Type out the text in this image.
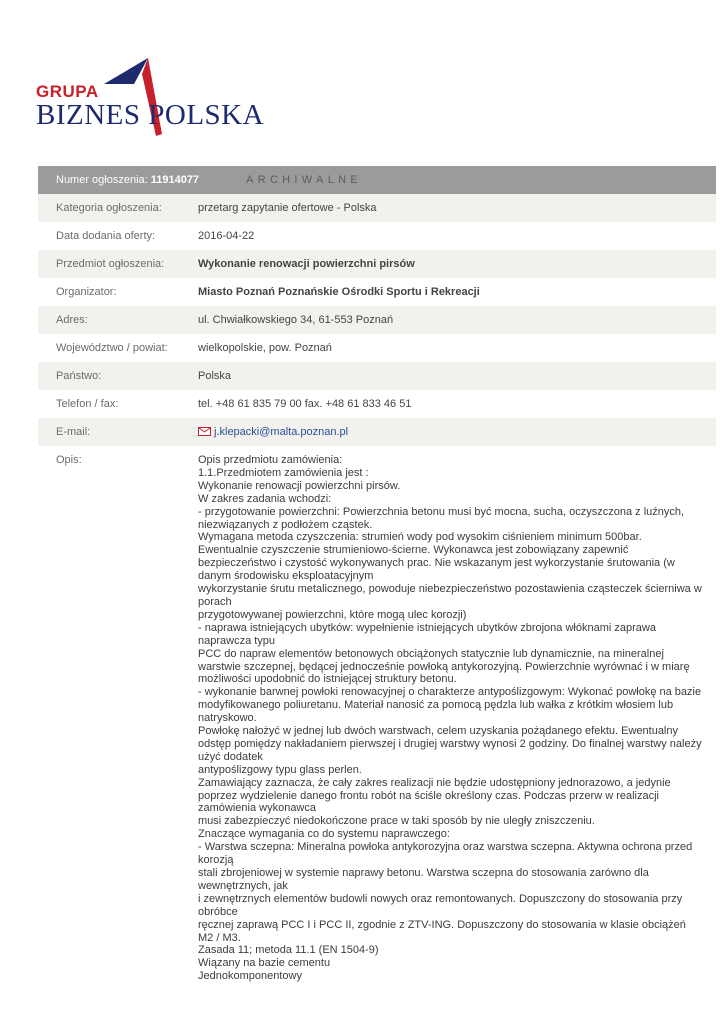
GRUPA
BIZNES POLSKA
Numer ogłoszenia: 11914077	ARCHIWALNE
Kategoria ogłoszenia:	przetarg zapytanie ofertowe - Polska
Data dodania oferty:	2016-04-22
Przedmiot ogłoszenia:	Wykonanie renowacji powierzchni pirsów
Organizator:	Miasto Poznań Poznańskie Ośrodki Sportu i Rekreacji
Adres:	ul. Chwiałkowskiego 34, 61-553 Poznań
Województwo / powiat:	wielkopolskie, pow. Poznań
Państwo:	Polska
Telefon / fax:	tel. +48 61 835 79 00 fax. +48 61 833 46 51
E-mail:	j.klepacki@malta.poznan.pl
Opis:	Opis przedmiotu zamówienia:
1.1.Przedmiotem zamówienia jest :
Wykonanie renowacji powierzchni pirsów.
W zakres zadania wchodzi:
- przygotowanie powierzchni: Powierzchnia betonu musi być mocna, sucha, oczyszczona z luźnych, niezwiązanych z podłożem cząstek.
Wymagana metoda czyszczenia: strumień wody pod wysokim ciśnieniem minimum 500bar. Ewentualnie czyszczenie strumieniowo-ścierne. Wykonawca jest zobowiązany zapewnić bezpieczeństwo i czystość wykonywanych prac. Nie wskazanym jest wykorzystanie śrutowania (w danym środowisku eksploatacyjnym
wykorzystanie śrutu metalicznego, powoduje niebezpieczeństwo pozostawienia cząsteczek ścierniwa w porach
przygotowywanej powierzchni, które mogą ulec korozji)
- naprawa istniejących ubytków: wypełnienie istniejących ubytków zbrojona włóknami zaprawa naprawcza typu
PCC do napraw elementów betonowych obciążonych statycznie lub dynamicznie, na mineralnej warstwie szczepnej, będącej jednocześnie powłoką antykorozyjną. Powierzchnie wyrównać i w miarę możliwości upodobnić do istniejącej struktury betonu.
- wykonanie barwnej powłoki renowacyjnej o charakterze antypoślizgowym: Wykonać powłokę na bazie modyfikowanego poliuretanu. Materiał nanosić za pomocą pędzla lub wałka z krótkim włosiem lub natryskowo.
Powłokę nałożyć w jednej lub dwóch warstwach, celem uzyskania pożądanego efektu. Ewentualny odstęp pomiędzy nakładaniem pierwszej i drugiej warstwy wynosi 2 godziny. Do finalnej warstwy należy użyć dodatek
antypoślizgowy typu glass perlen.
Zamawiający zaznacza, że cały zakres realizacji nie będzie udostępniony jednorazowo, a jedynie poprzez wydzielenie danego frontu robót na ściśle określony czas. Podczas przerw w realizacji zamówienia wykonawca
musi zabezpieczyć niedokończone prace w taki sposób by nie uległy zniszczeniu.
Znaczące wymagania co do systemu naprawczego:
- Warstwa sczepna: Mineralna powłoka antykorozyjna oraz warstwa sczepna. Aktywna ochrona przed korozją
stali zbrojeniowej w systemie naprawy betonu. Warstwa sczepna do stosowania zarówno dla wewnętrznych, jak
i zewnętrznych elementów budowli nowych oraz remontowanych. Dopuszczony do stosowania przy obróbce
ręcznej zaprawą PCC I i PCC II, zgodnie z ZTV-ING. Dopuszczony do stosowania w klasie obciążeń M2 / M3.
Zasada 11; metoda 11.1 (EN 1504-9)
Wiązany na bazie cementu
Jednokomponentowy
